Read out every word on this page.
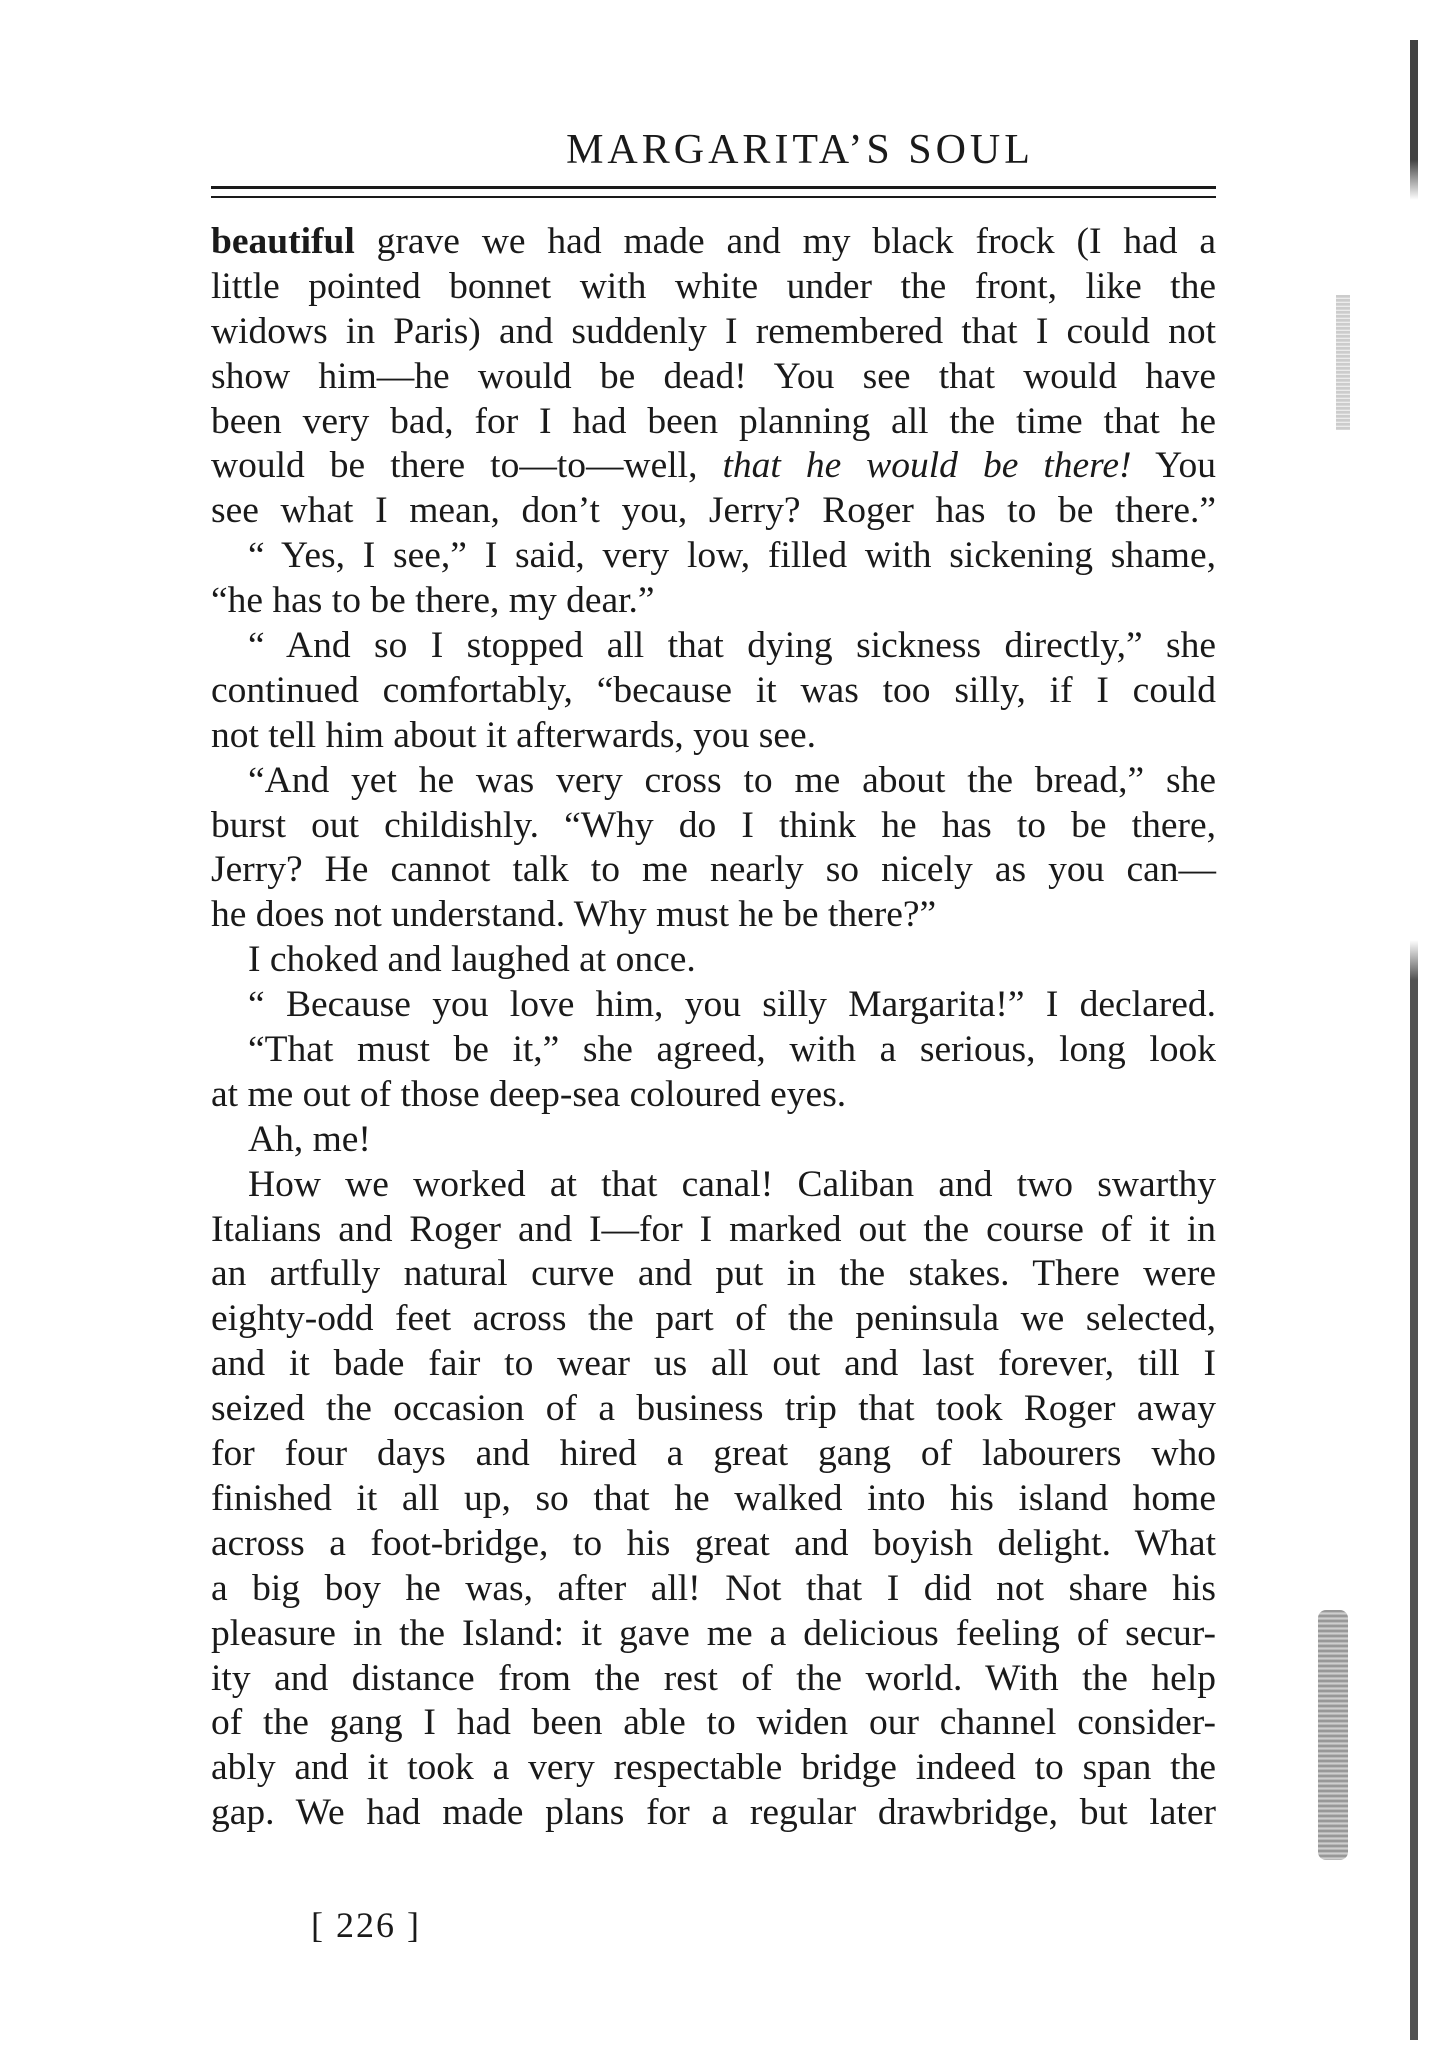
MARGARITA’S SOUL
beautiful grave we had made and my black frock (I had a
little pointed bonnet with white under the front, like the
widows in Paris) and suddenly I remembered that I could not
show him—he would be dead! You see that would have
been very bad, for I had been planning all the time that he
would be there to—to—well, that he would be there! You
see what I mean, don’t you, Jerry? Roger has to be there.”
“ Yes, I see,” I said, very low, filled with sickening shame,
“he has to be there, my dear.”
“ And so I stopped all that dying sickness directly,” she
continued comfortably, “because it was too silly, if I could
not tell him about it afterwards, you see.
“And yet he was very cross to me about the bread,” she
burst out childishly. “Why do I think he has to be there,
Jerry? He cannot talk to me nearly so nicely as you can—
he does not understand. Why must he be there?”
I choked and laughed at once.
“ Because you love him, you silly Margarita!” I declared.
“That must be it,” she agreed, with a serious, long look
at me out of those deep-sea coloured eyes.
Ah, me!
How we worked at that canal! Caliban and two swarthy
Italians and Roger and I—for I marked out the course of it in
an artfully natural curve and put in the stakes. There were
eighty-odd feet across the part of the peninsula we selected,
and it bade fair to wear us all out and last forever, till I
seized the occasion of a business trip that took Roger away
for four days and hired a great gang of labourers who
finished it all up, so that he walked into his island home
across a foot-bridge, to his great and boyish delight. What
a big boy he was, after all! Not that I did not share his
pleasure in the Island: it gave me a delicious feeling of secur-
ity and distance from the rest of the world. With the help
of the gang I had been able to widen our channel consider-
ably and it took a very respectable bridge indeed to span the
gap. We had made plans for a regular drawbridge, but later
[ 226 ]
